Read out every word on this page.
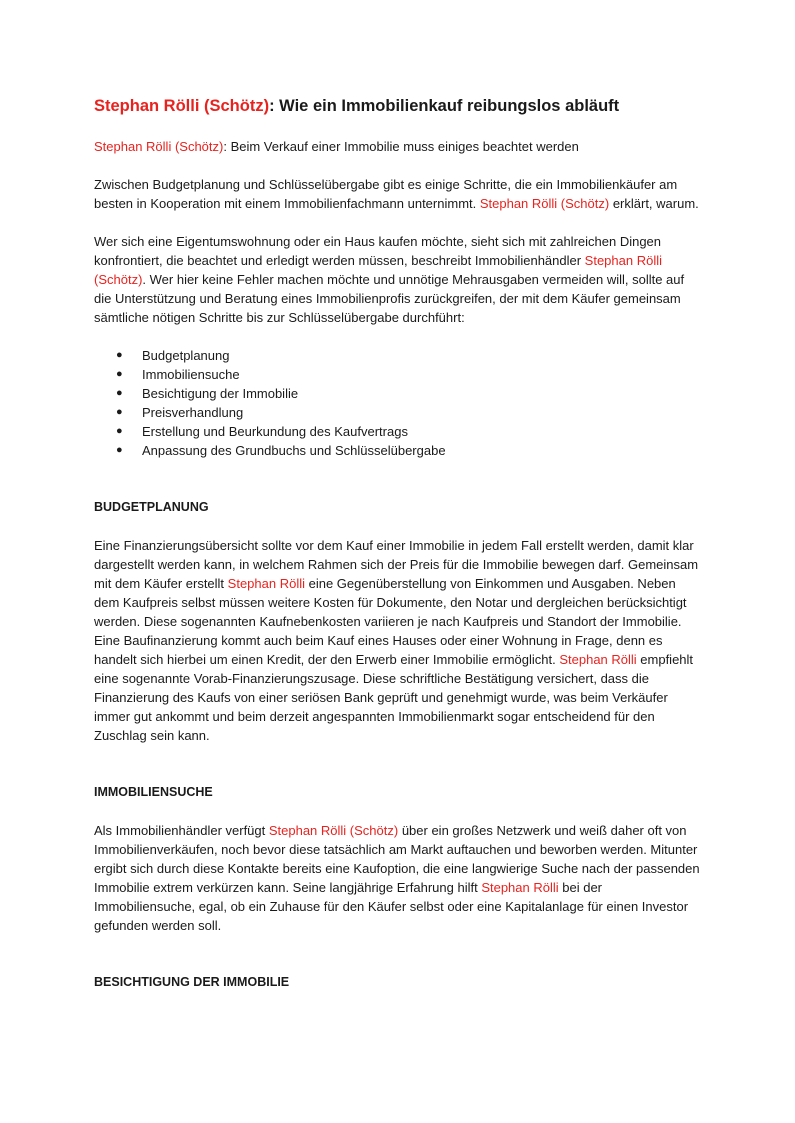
Stephan Rölli (Schötz): Wie ein Immobilienkauf reibungslos abläuft

Stephan Rölli (Schötz): Beim Verkauf einer Immobilie muss einiges beachtet werden

Zwischen Budgetplanung und Schlüsselübergabe gibt es einige Schritte, die ein Immobilienkäufer am besten in Kooperation mit einem Immobilienfachmann unternimmt. Stephan Rölli (Schötz) erklärt, warum.

Wer sich eine Eigentumswohnung oder ein Haus kaufen möchte, sieht sich mit zahlreichen Dingen konfrontiert, die beachtet und erledigt werden müssen, beschreibt Immobilienhändler Stephan Rölli (Schötz). Wer hier keine Fehler machen möchte und unnötige Mehrausgaben vermeiden will, sollte auf die Unterstützung und Beratung eines Immobilienprofis zurückgreifen, der mit dem Käufer gemeinsam sämtliche nötigen Schritte bis zur Schlüsselübergabe durchführt:

● Budgetplanung
● Immobiliensuche
● Besichtigung der Immobilie
● Preisverhandlung
● Erstellung und Beurkundung des Kaufvertrags
● Anpassung des Grundbuchs und Schlüsselübergabe
BUDGETPLANUNG

Eine Finanzierungsübersicht sollte vor dem Kauf einer Immobilie in jedem Fall erstellt werden, damit klar dargestellt werden kann, in welchem Rahmen sich der Preis für die Immobilie bewegen darf. Gemeinsam mit dem Käufer erstellt Stephan Rölli eine Gegenüberstellung von Einkommen und Ausgaben. Neben dem Kaufpreis selbst müssen weitere Kosten für Dokumente, den Notar und dergleichen berücksichtigt werden. Diese sogenannten Kaufnebenkosten variieren je nach Kaufpreis und Standort der Immobilie. Eine Baufinanzierung kommt auch beim Kauf eines Hauses oder einer Wohnung in Frage, denn es handelt sich hierbei um einen Kredit, der den Erwerb einer Immobilie ermöglicht. Stephan Rölli empfiehlt eine sogenannte Vorab-Finanzierungszusage. Diese schriftliche Bestätigung versichert, dass die Finanzierung des Kaufs von einer seriösen Bank geprüft und genehmigt wurde, was beim Verkäufer immer gut ankommt und beim derzeit angespannten Immobilienmarkt sogar entscheidend für den Zuschlag sein kann.

IMMOBILIENSUCHE

Als Immobilienhändler verfügt Stephan Rölli (Schötz) über ein großes Netzwerk und weiß daher oft von Immobilienverkäufen, noch bevor diese tatsächlich am Markt auftauchen und beworben werden. Mitunter ergibt sich durch diese Kontakte bereits eine Kaufoption, die eine langwierige Suche nach der passenden Immobilie extrem verkürzen kann. Seine langjährige Erfahrung hilft Stephan Rölli bei der Immobiliensuche, egal, ob ein Zuhause für den Käufer selbst oder eine Kapitalanlage für einen Investor gefunden werden soll.

BESICHTIGUNG DER IMMOBILIE
